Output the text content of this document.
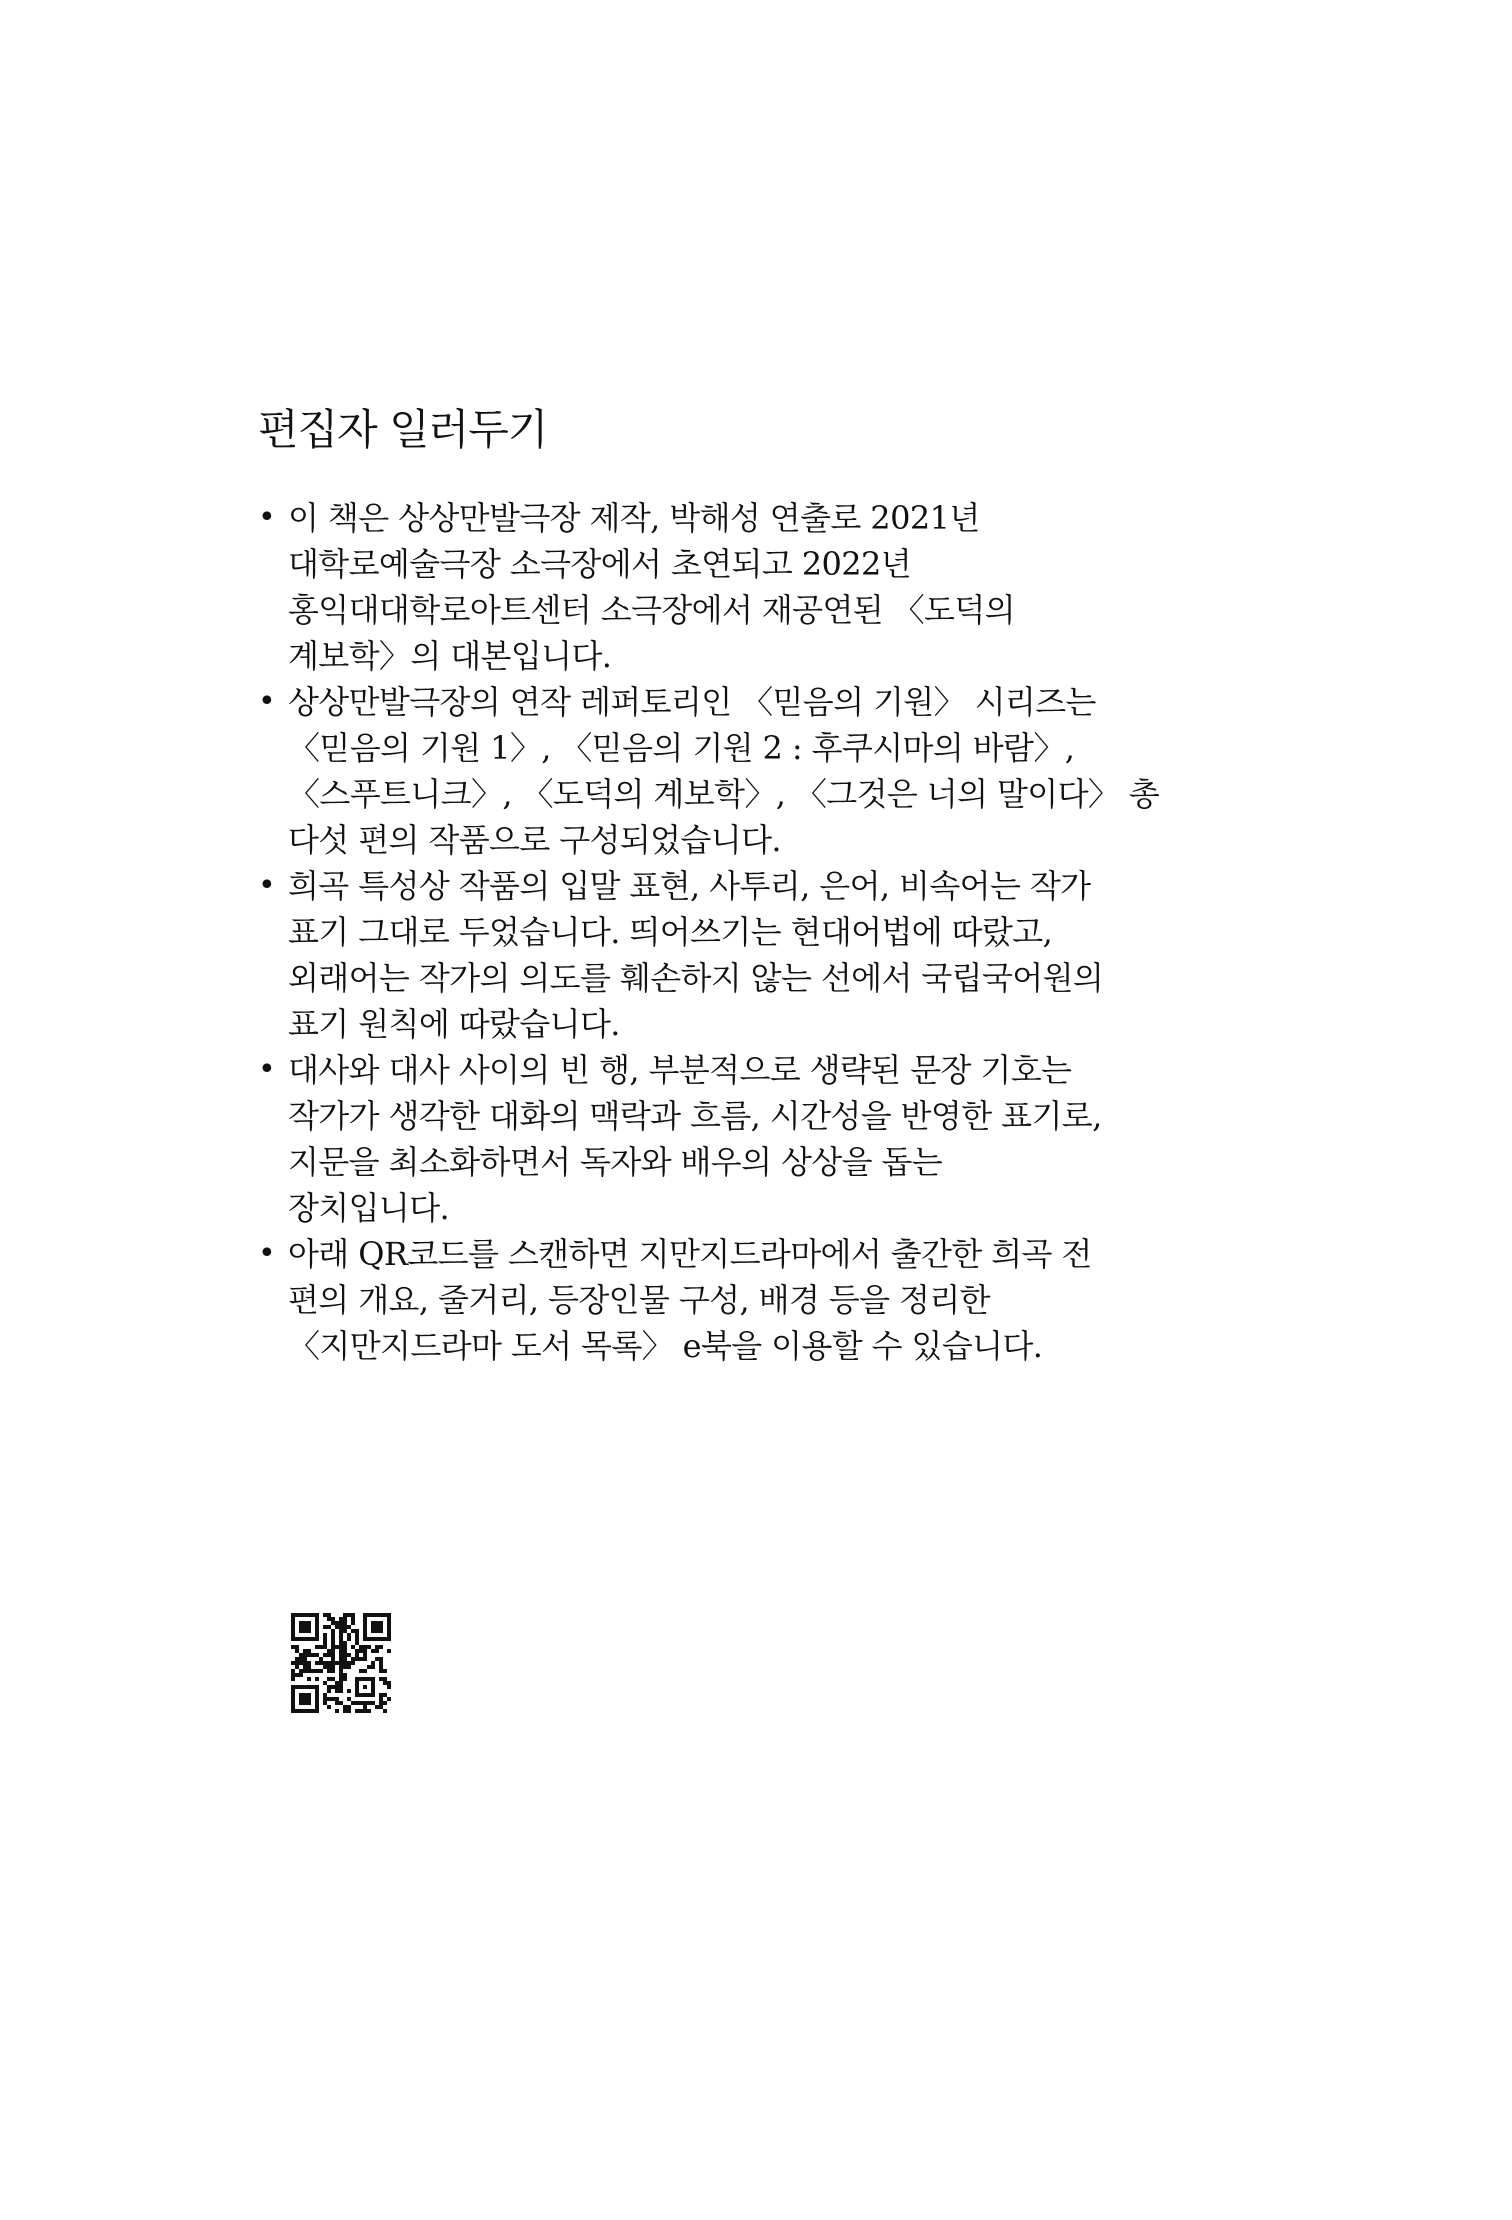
편집자 일러두기
• 이 책은 상상만발극장 제작, 박해성 연출로 2021년
대학로예술극장 소극장에서 초연되고 2022년
홍익대대학로아트센터 소극장에서 재공연된 〈도덕의
계보학〉의 대본입니다.
• 상상만발극장의 연작 레퍼토리인 〈믿음의 기원〉 시리즈는
〈믿음의 기원 1〉, 〈믿음의 기원 2 : 후쿠시마의 바람〉,
〈스푸트니크〉, 〈도덕의 계보학〉, 〈그것은 너의 말이다〉 총
다섯 편의 작품으로 구성되었습니다.
• 희곡 특성상 작품의 입말 표현, 사투리, 은어, 비속어는 작가
표기 그대로 두었습니다. 띄어쓰기는 현대어법에 따랐고,
외래어는 작가의 의도를 훼손하지 않는 선에서 국립국어원의
표기 원칙에 따랐습니다.
• 대사와 대사 사이의 빈 행, 부분적으로 생략된 문장 기호는
작가가 생각한 대화의 맥락과 흐름, 시간성을 반영한 표기로,
지문을 최소화하면서 독자와 배우의 상상을 돕는
장치입니다.
• 아래 QR코드를 스캔하면 지만지드라마에서 출간한 희곡 전
편의 개요, 줄거리, 등장인물 구성, 배경 등을 정리한
〈지만지드라마 도서 목록〉 e북을 이용할 수 있습니다.
